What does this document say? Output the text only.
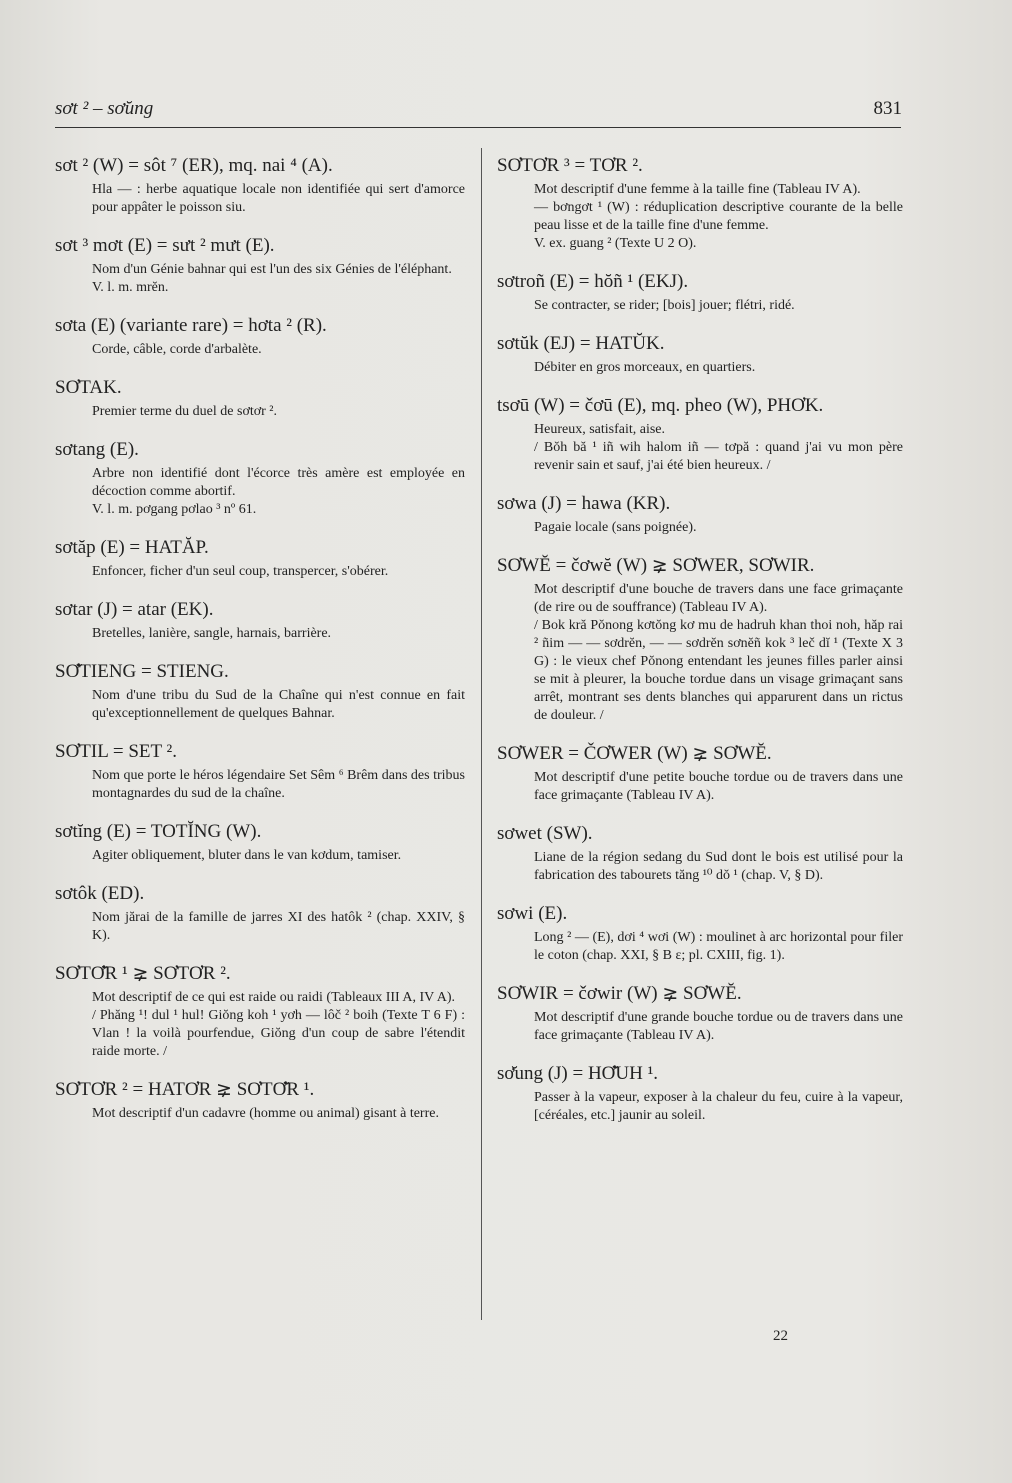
sơt ² – sơ̆ung	831
sơt ² (W) = sôt ⁷ (ER), mq. nai ⁴ (A).

Hla — : herbe aquatique locale non identifiée qui sert d'amorce pour appâter le poisson siu.

sơt ³ mơt (E) = sưt ² mưt (E).

Nom d'un Génie bahnar qui est l'un des six Génies de l'éléphant.

V. l. m. mrĕn.

sơta (E) (variante rare) = hơta ² (R).

Corde, câble, corde d'arbalète.

SƠTAK.

Premier terme du duel de sơtơr ².

sơtang (E).

Arbre non identifié dont l'écorce très amère est employée en décoction comme abortif.

V. l. m. pơgang pơlao ³ nº 61.

sơtăp (E) = HATĂP.

Enfoncer, ficher d'un seul coup, transpercer, s'obérer.

sơtar (J) = atar (EK).

Bretelles, lanière, sangle, harnais, barrière.

SƠ̆TIENG = STIENG.

Nom d'une tribu du Sud de la Chaîne qui n'est connue en fait qu'exceptionnellement de quelques Bahnar.

SƠTIL = SET ².

Nom que porte le héros légendaire Set Sêm ⁶ Brêm dans des tribus montagnardes du sud de la chaîne.

sơtĭng (E) = TOTĬNG (W).

Agiter obliquement, bluter dans le van kơdum, tamiser.

sơtôk (ED).

Nom jărai de la famille de jarres XI des hatôk ² (chap. XXIV, § K).

SƠTƠ̆R ¹ ⪈ SƠTƠR ².

Mot descriptif de ce qui est raide ou raidi (Tableaux III A, IV A).

/ Phăng ¹! dul ¹ hul! Giŏng koh ¹ yơh — lôč ² boih (Texte T 6 F) : Vlan ! la voilà pourfendue, Giŏng d'un coup de sabre l'étendit raide morte. /

SƠTƠR ² = HATƠR ⪈ SƠTƠ̆R ¹.

Mot descriptif d'un cadavre (homme ou animal) gisant à terre.

SƠTƠR ³ = TƠR ².

Mot descriptif d'une femme à la taille fine (Tableau IV A).

— bơngơt ¹ (W) : réduplication descriptive courante de la belle peau lisse et de la taille fine d'une femme.

V. ex. guang ² (Texte U 2 O).

sơtroñ (E) = hŏñ ¹ (EKJ).

Se contracter, se rider; [bois] jouer; flétri, ridé.

sơtŭk (EJ) = HATŬK.

Débiter en gros morceaux, en quartiers.

tsơū (W) = čơū (E), mq. pheo (W), PHƠK.

Heureux, satisfait, aise.

/ Bŏh bă ¹ iñ wih halom iñ — tơpă : quand j'ai vu mon père revenir sain et sauf, j'ai été bien heureux. /

sơwa (J) = hawa (KR).

Pagaie locale (sans poignée).

SƠWĔ = čơwĕ (W) ⪈ SƠWER, SƠWIR.

Mot descriptif d'une bouche de travers dans une face grimaçante (de rire ou de souffrance) (Tableau IV A).

/ Bok kră Pŏnong kơtŏng kơ mu de hadruh khan thoi noh, hăp rai ² ñim — — sơdrĕn, — — sơdrĕn sơnĕñ kok ³ leč dĭ ¹ (Texte X 3 G) : le vieux chef Pŏnong entendant les jeunes filles parler ainsi se mit à pleurer, la bouche tordue dans un visage grimaçant sans arrêt, montrant ses dents blanches qui apparurent dans un rictus de douleur. /

SƠWER = ČƠWER (W) ⪈ SƠWĔ.

Mot descriptif d'une petite bouche tordue ou de travers dans une face grimaçante (Tableau IV A).

sơwet (SW).

Liane de la région sedang du Sud dont le bois est utilisé pour la fabrication des tabourets tăng ¹⁰ dŏ ¹ (chap. V, § D).

sơwi (E).

Long ² — (E), dơi ⁴ wơi (W) : moulinet à arc horizontal pour filer le coton (chap. XXI, § B ε; pl. CXIII, fig. 1).

SƠWIR = čơwir (W) ⪈ SƠWĔ.

Mot descriptif d'une grande bouche tordue ou de travers dans une face grimaçante (Tableau IV A).

sơ̆ung (J) = HƠ̆UH ¹.

Passer à la vapeur, exposer à la chaleur du feu, cuire à la vapeur, [céréales, etc.] jaunir au soleil.

22
